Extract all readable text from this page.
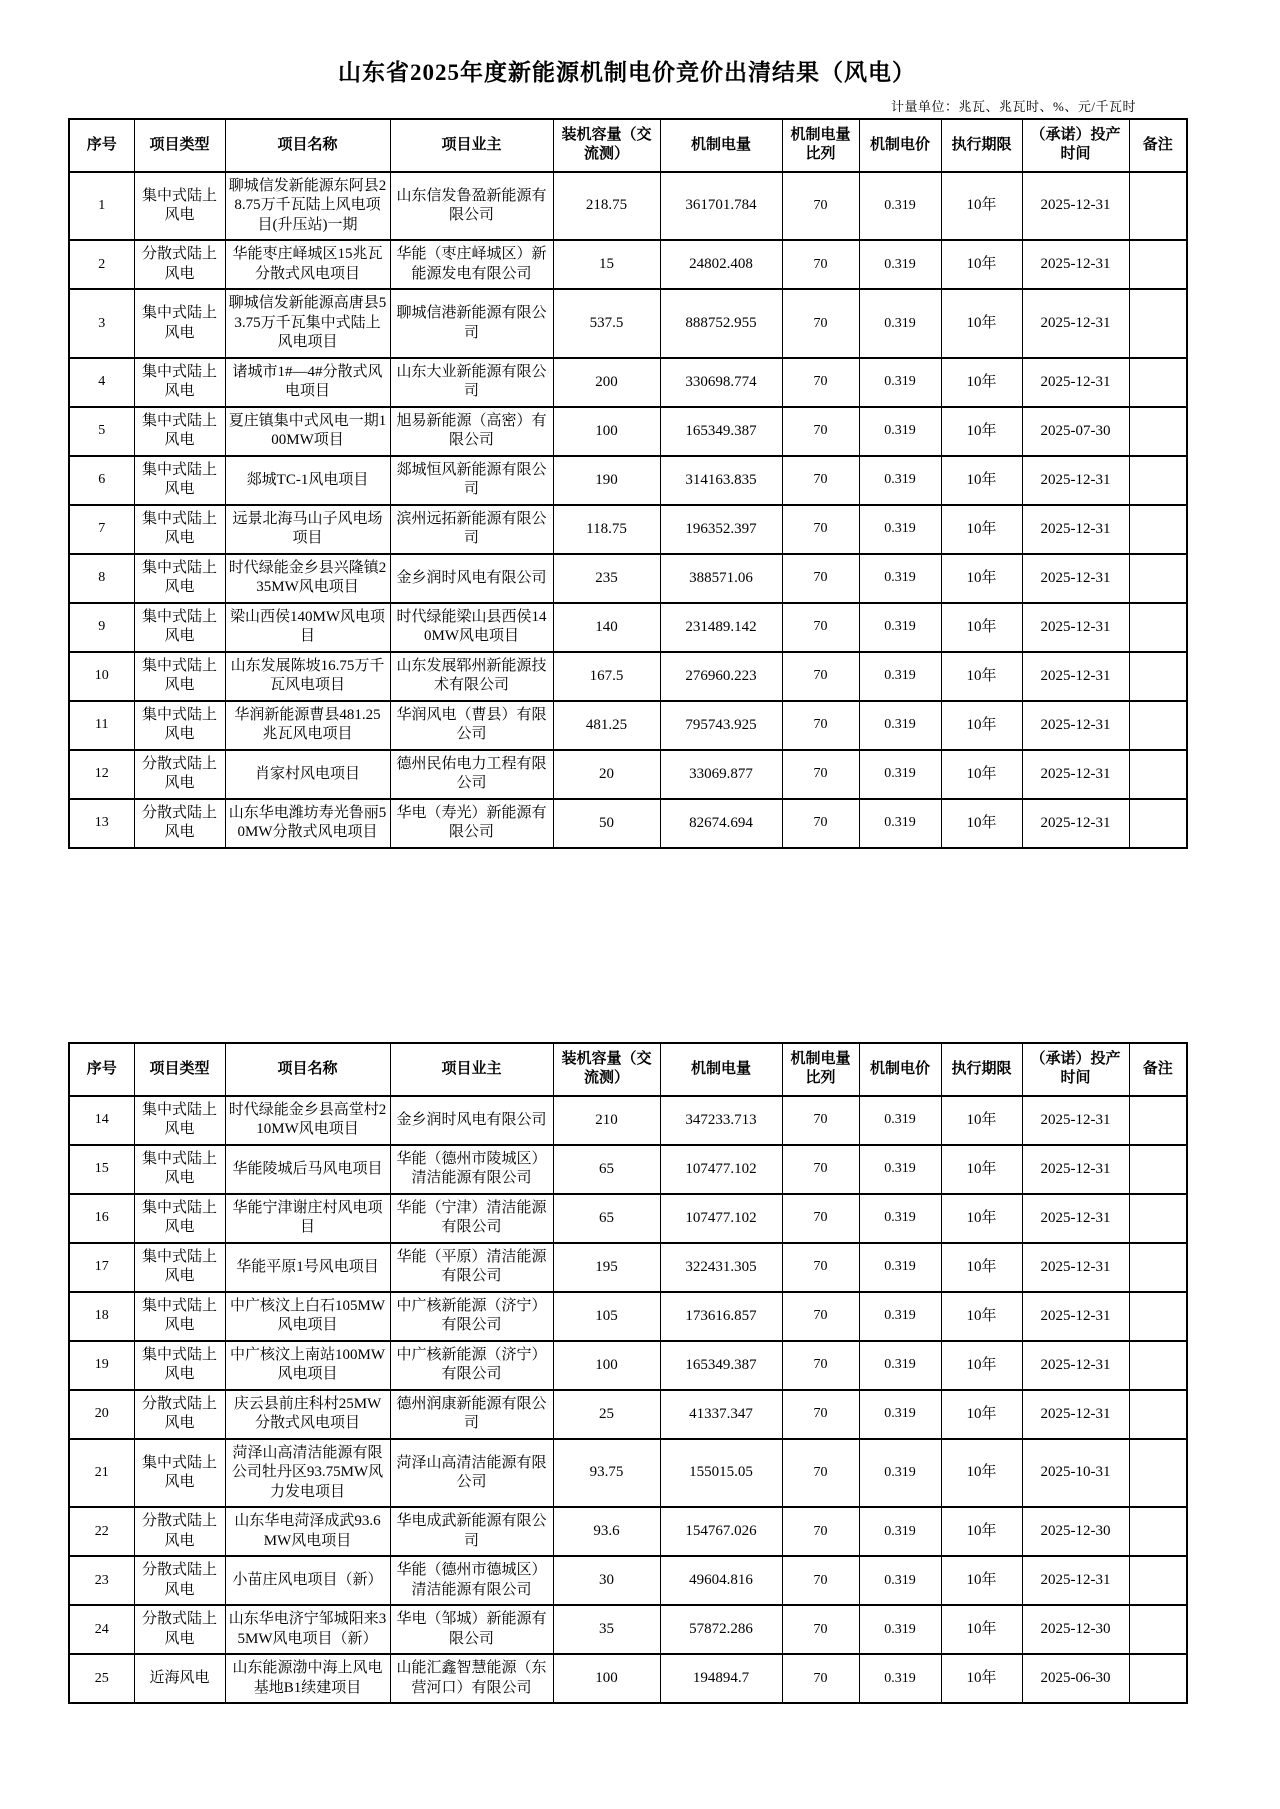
山东省2025年度新能源机制电价竞价出清结果（风电）
计量单位：兆瓦、兆瓦时、%、元/千瓦时
序号	项目类型	项目名称	项目业主	装机容量（交流测）	机制电量	机制电量比列	机制电价	执行期限	（承诺）投产时间	备注
1	集中式陆上风电	聊城信发新能源东阿县28.75万千瓦陆上风电项目(升压站)一期	山东信发鲁盈新能源有限公司	218.75	361701.784	70	0.319	10年	2025-12-31	
2	分散式陆上风电	华能枣庄峄城区15兆瓦分散式风电项目	华能（枣庄峄城区）新能源发电有限公司	15	24802.408	70	0.319	10年	2025-12-31	
3	集中式陆上风电	聊城信发新能源高唐县53.75万千瓦集中式陆上风电项目	聊城信港新能源有限公司	537.5	888752.955	70	0.319	10年	2025-12-31	
4	集中式陆上风电	诸城市1#—4#分散式风电项目	山东大业新能源有限公司	200	330698.774	70	0.319	10年	2025-12-31	
5	集中式陆上风电	夏庄镇集中式风电一期100MW项目	旭易新能源（高密）有限公司	100	165349.387	70	0.319	10年	2025-07-30	
6	集中式陆上风电	郯城TC-1风电项目	郯城恒风新能源有限公司	190	314163.835	70	0.319	10年	2025-12-31	
7	集中式陆上风电	远景北海马山子风电场项目	滨州远拓新能源有限公司	118.75	196352.397	70	0.319	10年	2025-12-31	
8	集中式陆上风电	时代绿能金乡县兴隆镇235MW风电项目	金乡润时风电有限公司	235	388571.06	70	0.319	10年	2025-12-31	
9	集中式陆上风电	梁山西侯140MW风电项目	时代绿能梁山县西侯140MW风电项目	140	231489.142	70	0.319	10年	2025-12-31	
10	集中式陆上风电	山东发展陈坡16.75万千瓦风电项目	山东发展郓州新能源技术有限公司	167.5	276960.223	70	0.319	10年	2025-12-31	
11	集中式陆上风电	华润新能源曹县481.25兆瓦风电项目	华润风电（曹县）有限公司	481.25	795743.925	70	0.319	10年	2025-12-31	
12	分散式陆上风电	肖家村风电项目	德州民佑电力工程有限公司	20	33069.877	70	0.319	10年	2025-12-31	
13	分散式陆上风电	山东华电潍坊寿光鲁丽50MW分散式风电项目	华电（寿光）新能源有限公司	50	82674.694	70	0.319	10年	2025-12-31	
序号	项目类型	项目名称	项目业主	装机容量（交流测）	机制电量	机制电量比列	机制电价	执行期限	（承诺）投产时间	备注
14	集中式陆上风电	时代绿能金乡县高堂村210MW风电项目	金乡润时风电有限公司	210	347233.713	70	0.319	10年	2025-12-31	
15	集中式陆上风电	华能陵城后马风电项目	华能（德州市陵城区）清洁能源有限公司	65	107477.102	70	0.319	10年	2025-12-31	
16	集中式陆上风电	华能宁津谢庄村风电项目	华能（宁津）清洁能源有限公司	65	107477.102	70	0.319	10年	2025-12-31	
17	集中式陆上风电	华能平原1号风电项目	华能（平原）清洁能源有限公司	195	322431.305	70	0.319	10年	2025-12-31	
18	集中式陆上风电	中广核汶上白石105MW风电项目	中广核新能源（济宁）有限公司	105	173616.857	70	0.319	10年	2025-12-31	
19	集中式陆上风电	中广核汶上南站100MW风电项目	中广核新能源（济宁）有限公司	100	165349.387	70	0.319	10年	2025-12-31	
20	分散式陆上风电	庆云县前庄科村25MW分散式风电项目	德州润康新能源有限公司	25	41337.347	70	0.319	10年	2025-12-31	
21	集中式陆上风电	菏泽山高清洁能源有限公司牡丹区93.75MW风力发电项目	菏泽山高清洁能源有限公司	93.75	155015.05	70	0.319	10年	2025-10-31	
22	分散式陆上风电	山东华电菏泽成武93.6MW风电项目	华电成武新能源有限公司	93.6	154767.026	70	0.319	10年	2025-12-30	
23	分散式陆上风电	小苗庄风电项目（新）	华能（德州市德城区）清洁能源有限公司	30	49604.816	70	0.319	10年	2025-12-31	
24	分散式陆上风电	山东华电济宁邹城阳来35MW风电项目（新）	华电（邹城）新能源有限公司	35	57872.286	70	0.319	10年	2025-12-30	
25	近海风电	山东能源渤中海上风电基地B1续建项目	山能汇鑫智慧能源（东营河口）有限公司	100	194894.7	70	0.319	10年	2025-06-30	
